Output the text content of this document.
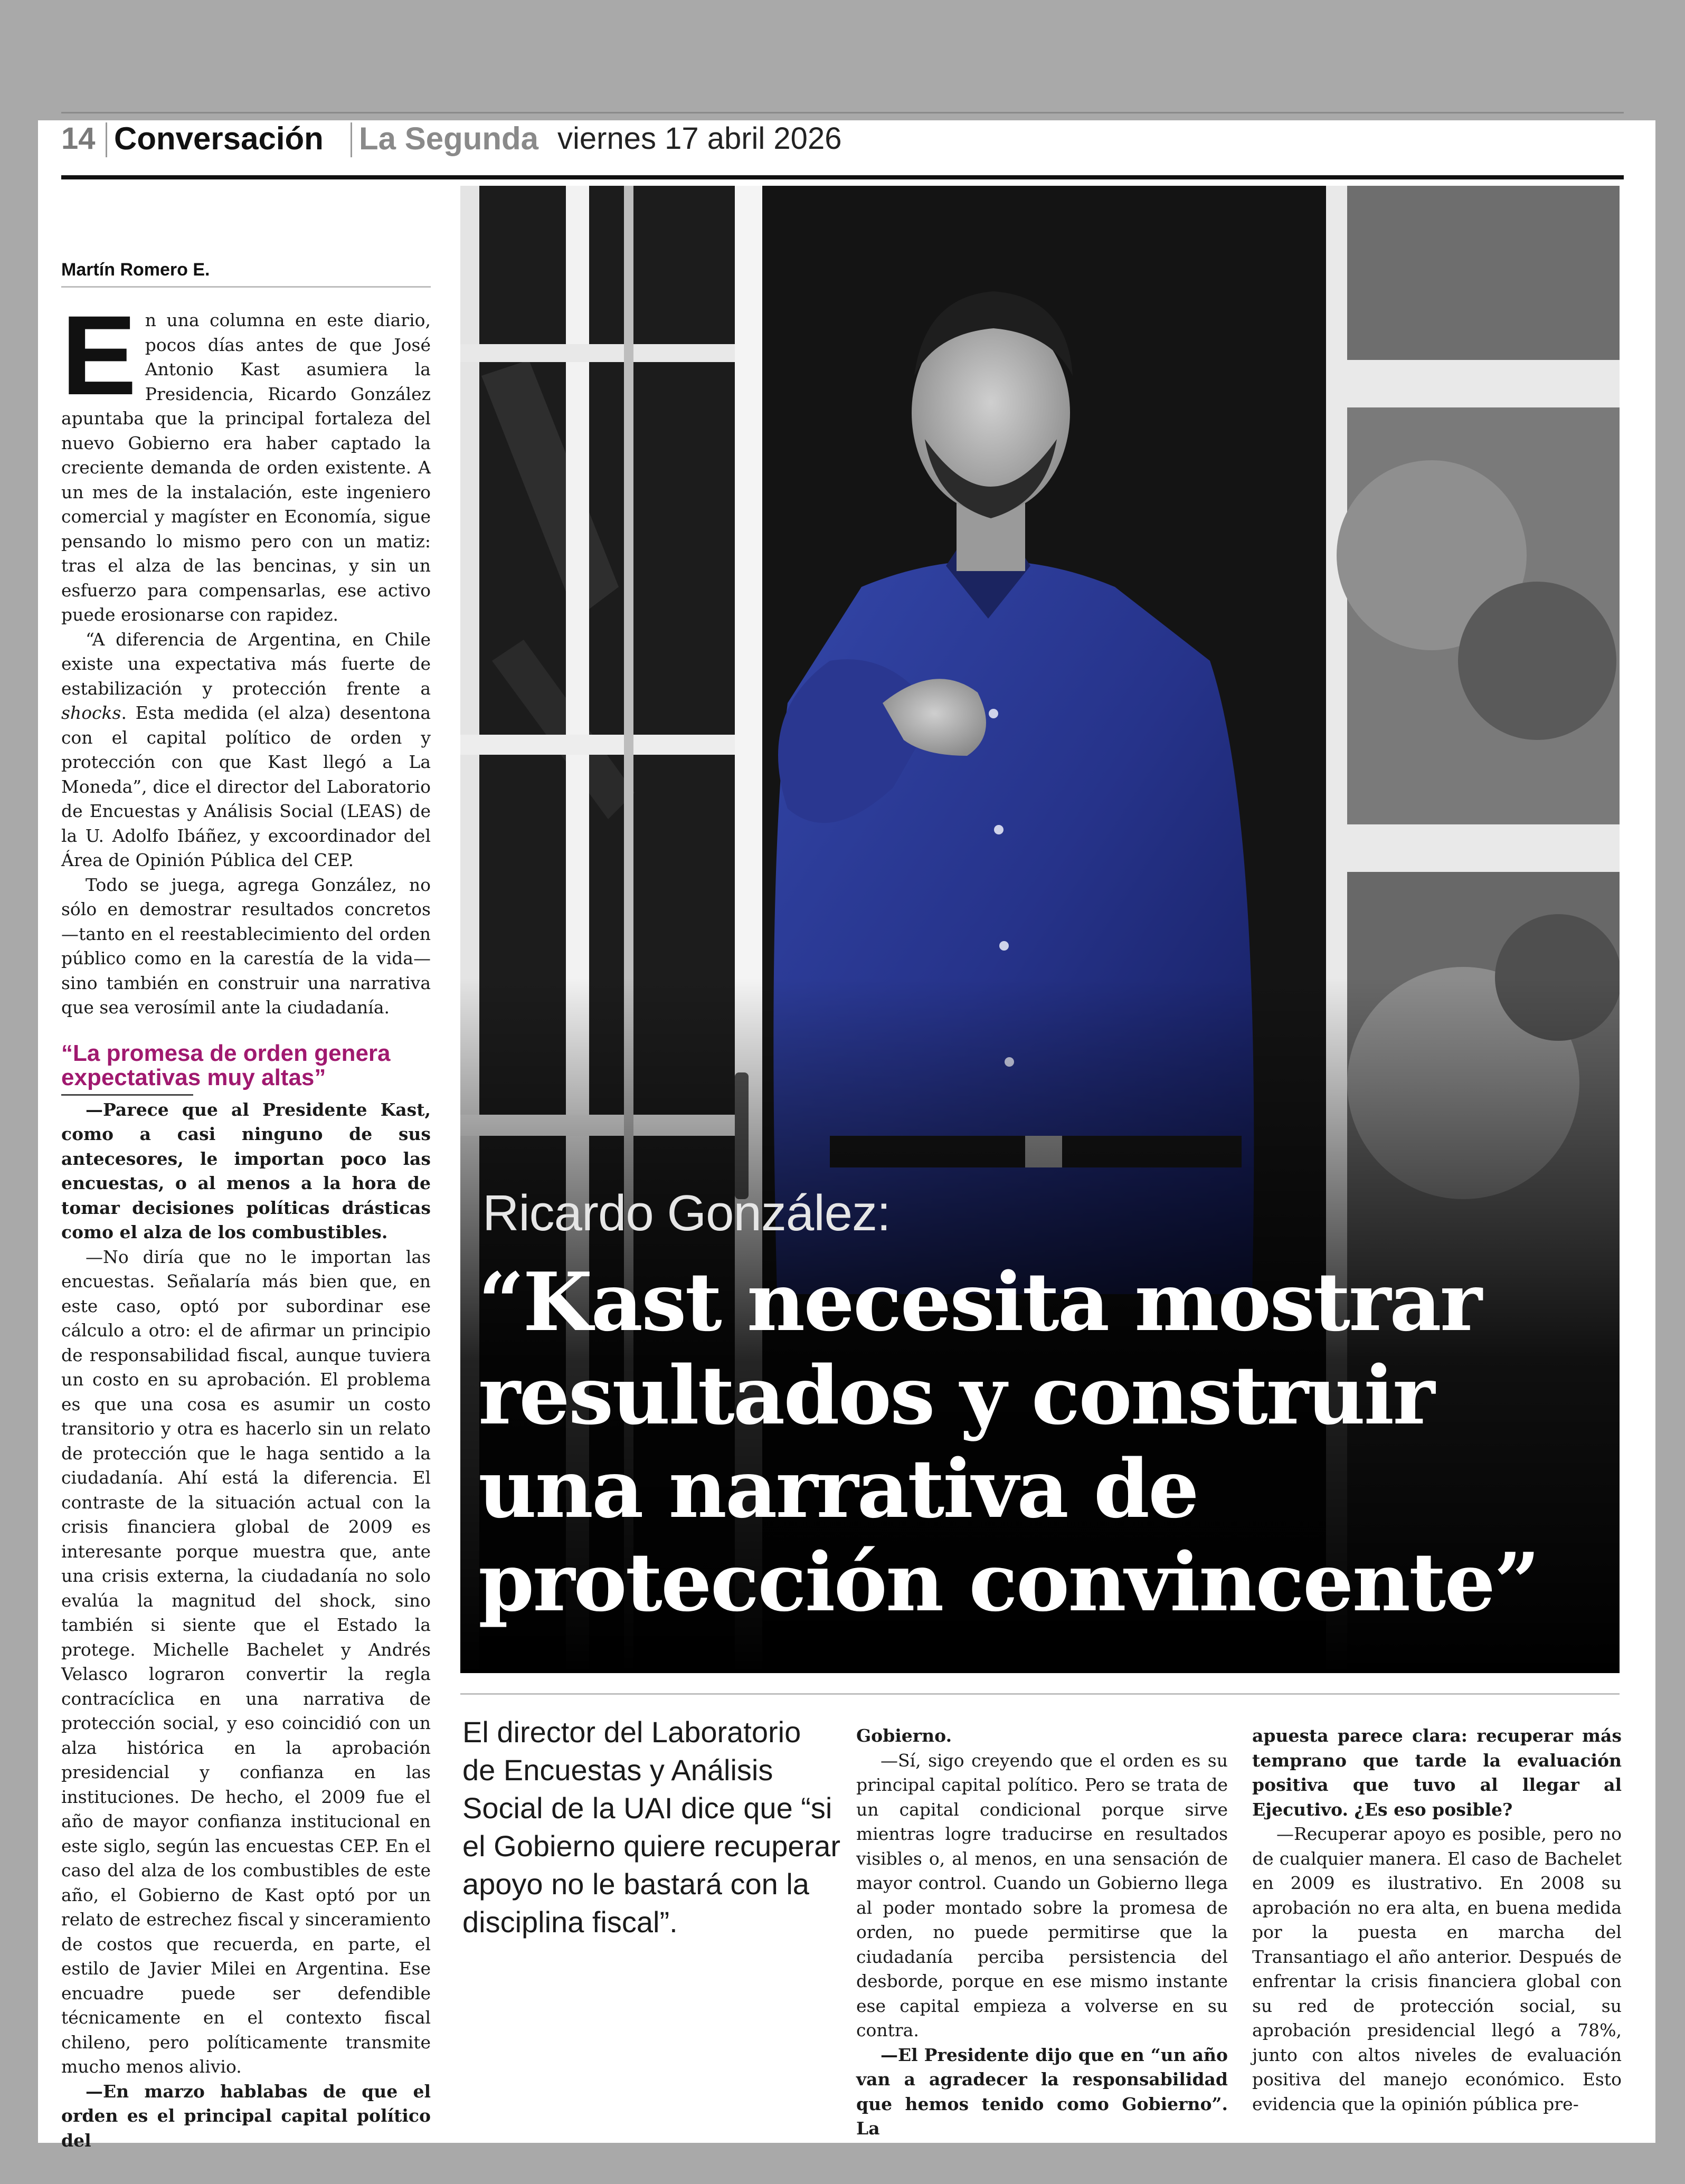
14 Conversación La Segunda viernes 17 abril 2026
Martín Romero E.

En una columna en este diario, pocos días antes de que José Antonio Kast asumiera la Presidencia, Ricardo González apuntaba que la principal fortaleza del nuevo Gobierno era haber captado la creciente demanda de orden existente. A un mes de la instalación, este ingeniero comercial y magíster en Economía, sigue pensando lo mismo pero con un matiz: tras el alza de las bencinas, y sin un esfuerzo para compensarlas, ese activo puede erosionarse con rapidez.

“A diferencia de Argentina, en Chile existe una expectativa más fuerte de estabilización y protección frente a shocks. Esta medida (el alza) desentona con el capital político de orden y protección con que Kast llegó a La Moneda”, dice el director del Laboratorio de Encuestas y Análisis Social (LEAS) de la U. Adolfo Ibáñez, y excoordinador del Área de Opinión Pública del CEP.

Todo se juega, agrega González, no sólo en demostrar resultados concretos —tanto en el reestablecimiento del orden público como en la carestía de la vida— sino también en construir una narrativa que sea verosímil ante la ciudadanía.

“La promesa de orden genera expectativas muy altas”

—Parece que al Presidente Kast, como a casi ninguno de sus antecesores, le importan poco las encuestas, o al menos a la hora de tomar decisiones políticas drásticas como el alza de los combustibles.

—No diría que no le importan las encuestas. Señalaría más bien que, en este caso, optó por subordinar ese cálculo a otro: el de afirmar un principio de responsabilidad fiscal, aunque tuviera un costo en su aprobación. El problema es que una cosa es asumir un costo transitorio y otra es hacerlo sin un relato de protección que le haga sentido a la ciudadanía. Ahí está la diferencia. El contraste de la situación actual con la crisis financiera global de 2009 es interesante porque muestra que, ante una crisis externa, la ciudadanía no solo evalúa la magnitud del shock, sino también si siente que el Estado la protege. Michelle Bachelet y Andrés Velasco lograron convertir la regla contracíclica en una narrativa de protección social, y eso coincidió con un alza histórica en la aprobación presidencial y confianza en las instituciones. De hecho, el 2009 fue el año de mayor confianza institucional en este siglo, según las encuestas CEP. En el caso del alza de los combustibles de este año, el Gobierno de Kast optó por un relato de estrechez fiscal y sinceramiento de costos que recuerda, en parte, el estilo de Javier Milei en Argentina. Ese encuadre puede ser defendible técnicamente en el contexto fiscal chileno, pero políticamente transmite mucho menos alivio.

—En marzo hablabas de que el orden es el principal capital político del

Ricardo González:
“Kast necesita mostrar
resultados y construir
una narrativa de
protección convincente”
El director del Laboratorio de Encuestas y Análisis Social de la UAI dice que “si el Gobierno quiere recuperar apoyo no le bastará con la disciplina fiscal”.

Gobierno.

—Sí, sigo creyendo que el orden es su principal capital político. Pero se trata de un capital condicional porque sirve mientras logre traducirse en resultados visibles o, al menos, en una sensación de mayor control. Cuando un Gobierno llega al poder montado sobre la promesa de orden, no puede permitirse que la ciudadanía perciba persistencia del desborde, porque en ese mismo instante ese capital empieza a volverse en su contra.

—El Presidente dijo que en “un año van a agradecer la responsabilidad que hemos tenido como Gobierno”. La

apuesta parece clara: recuperar más temprano que tarde la evaluación positiva que tuvo al llegar al Ejecutivo. ¿Es eso posible?

—Recuperar apoyo es posible, pero no de cualquier manera. El caso de Bachelet en 2009 es ilustrativo. En 2008 su aprobación no era alta, en buena medida por la puesta en marcha del Transantiago el año anterior. Después de enfrentar la crisis financiera global con su red de protección social, su aprobación presidencial llegó a 78%, junto con altos niveles de evaluación positiva del manejo económico. Esto evidencia que la opinión pública pre-
